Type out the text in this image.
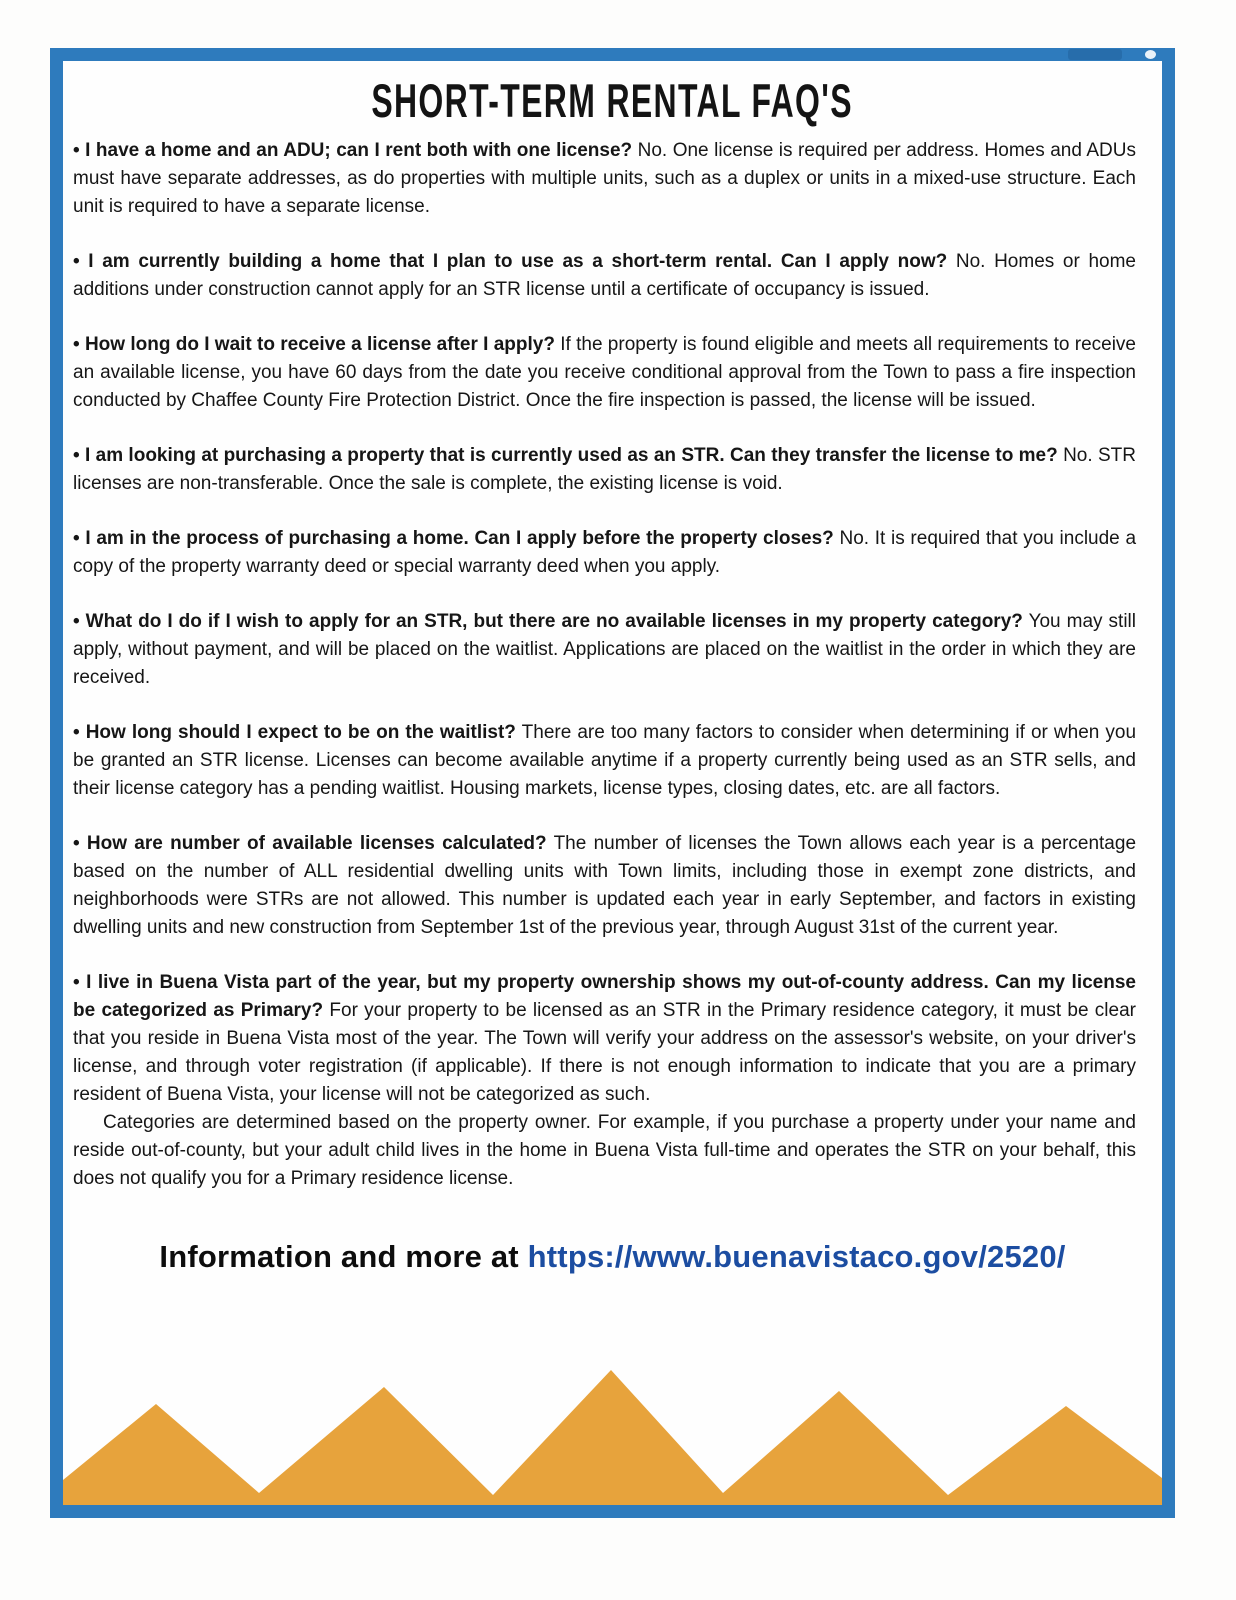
SHORT-TERM RENTAL FAQ'S

• I have a home and an ADU; can I rent both with one license? No. One license is required per address. Homes and ADUs must have separate addresses, as do properties with multiple units, such as a duplex or units in a mixed-use structure. Each unit is required to have a separate license.

• I am currently building a home that I plan to use as a short-term rental. Can I apply now? No. Homes or home additions under construction cannot apply for an STR license until a certificate of occupancy is issued.

• How long do I wait to receive a license after I apply? If the property is found eligible and meets all requirements to receive an available license, you have 60 days from the date you receive conditional approval from the Town to pass a fire inspection conducted by Chaffee County Fire Protection District. Once the fire inspection is passed, the license will be issued.

• I am looking at purchasing a property that is currently used as an STR. Can they transfer the license to me? No. STR licenses are non-transferable. Once the sale is complete, the existing license is void.

• I am in the process of purchasing a home. Can I apply before the property closes? No. It is required that you include a copy of the property warranty deed or special warranty deed when you apply.

• What do I do if I wish to apply for an STR, but there are no available licenses in my property category? You may still apply, without payment, and will be placed on the waitlist. Applications are placed on the waitlist in the order in which they are received.

• How long should I expect to be on the waitlist? There are too many factors to consider when determining if or when you be granted an STR license. Licenses can become available anytime if a property currently being used as an STR sells, and their license category has a pending waitlist. Housing markets, license types, closing dates, etc. are all factors.

• How are number of available licenses calculated? The number of licenses the Town allows each year is a percentage based on the number of ALL residential dwelling units with Town limits, including those in exempt zone districts, and neighborhoods were STRs are not allowed. This number is updated each year in early September, and factors in existing dwelling units and new construction from September 1st of the previous year, through August 31st of the current year.

• I live in Buena Vista part of the year, but my property ownership shows my out-of-county address. Can my license be categorized as Primary? For your property to be licensed as an STR in the Primary residence category, it must be clear that you reside in Buena Vista most of the year. The Town will verify your address on the assessor's website, on your driver's license, and through voter registration (if applicable). If there is not enough information to indicate that you are a primary resident of Buena Vista, your license will not be categorized as such.

Categories are determined based on the property owner. For example, if you purchase a property under your name and reside out-of-county, but your adult child lives in the home in Buena Vista full-time and operates the STR on your behalf, this does not qualify you for a Primary residence license.

Information and more at https://www.buenavistaco.gov/2520/
